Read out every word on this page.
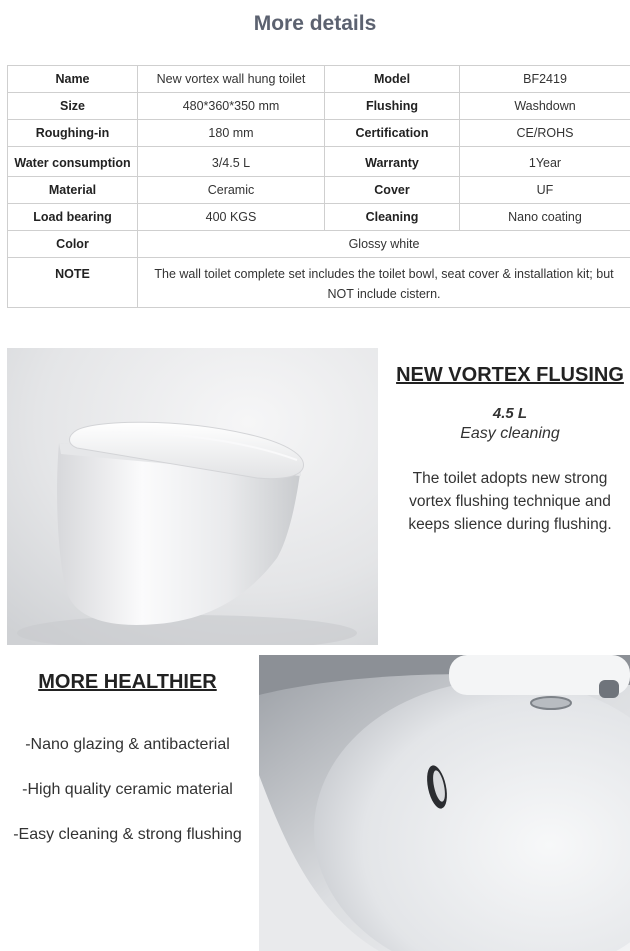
More details
Name	New vortex wall hung toilet	Model	BF2419
Size	480*360*350 mm	Flushing	Washdown
Roughing-in	180 mm	Certification	CE/ROHS
Water consumption	3/4.5 L	Warranty	1Year
Material	Ceramic	Cover	UF
Load bearing	400 KGS	Cleaning	Nano coating
Color	Glossy white		
NOTE	The wall toilet complete set includes the toilet bowl, seat cover & installation kit; but NOT include cistern.		
NEW VORTEX FLUSING
4.5 L
Easy cleaning
The toilet adopts new strong vortex flushing technique and keeps slience during flushing.
MORE HEALTHIER
-Nano glazing & antibacterial
-High quality ceramic material
-Easy cleaning & strong flushing
